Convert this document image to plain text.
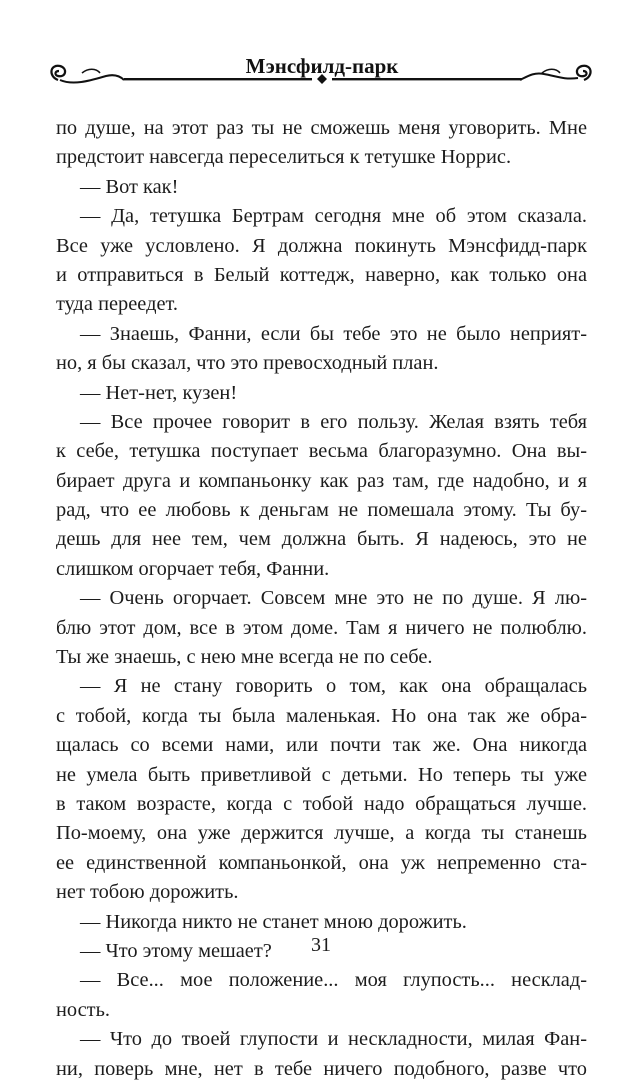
Мэнсфилд-парк
по душе, на этот раз ты не сможешь меня уговорить. Мне
предстоит навсегда переселиться к тетушке Норрис.
— Вот как!
— Да, тетушка Бертрам сегодня мне об этом сказала.
Все уже условлено. Я должна покинуть Мэнсфидд-парк
и отправиться в Белый коттедж, наверно, как только она
туда переедет.
— Знаешь, Фанни, если бы тебе это не было неприят-
но, я бы сказал, что это превосходный план.
— Нет-нет, кузен!
— Все прочее говорит в его пользу. Желая взять тебя
к себе, тетушка поступает весьма благоразумно. Она вы-
бирает друга и компаньонку как раз там, где надобно, и я
рад, что ее любовь к деньгам не помешала этому. Ты бу-
дешь для нее тем, чем должна быть. Я надеюсь, это не
слишком огорчает тебя, Фанни.
— Очень огорчает. Совсем мне это не по душе. Я лю-
блю этот дом, все в этом доме. Там я ничего не полюблю.
Ты же знаешь, с нею мне всегда не по себе.
— Я не стану говорить о том, как она обращалась
с тобой, когда ты была маленькая. Но она так же обра-
щалась со всеми нами, или почти так же. Она никогда
не умела быть приветливой с детьми. Но теперь ты уже
в таком возрасте, когда с тобой надо обращаться лучше.
По-моему, она уже держится лучше, а когда ты станешь
ее единственной компаньонкой, она уж непременно ста-
нет тобою дорожить.
— Никогда никто не станет мною дорожить.
— Что этому мешает?
— Все... мое положение... моя глупость... несклад-
ность.
— Что до твоей глупости и нескладности, милая Фан-
ни, поверь мне, нет в тебе ничего подобного, разве что
31
